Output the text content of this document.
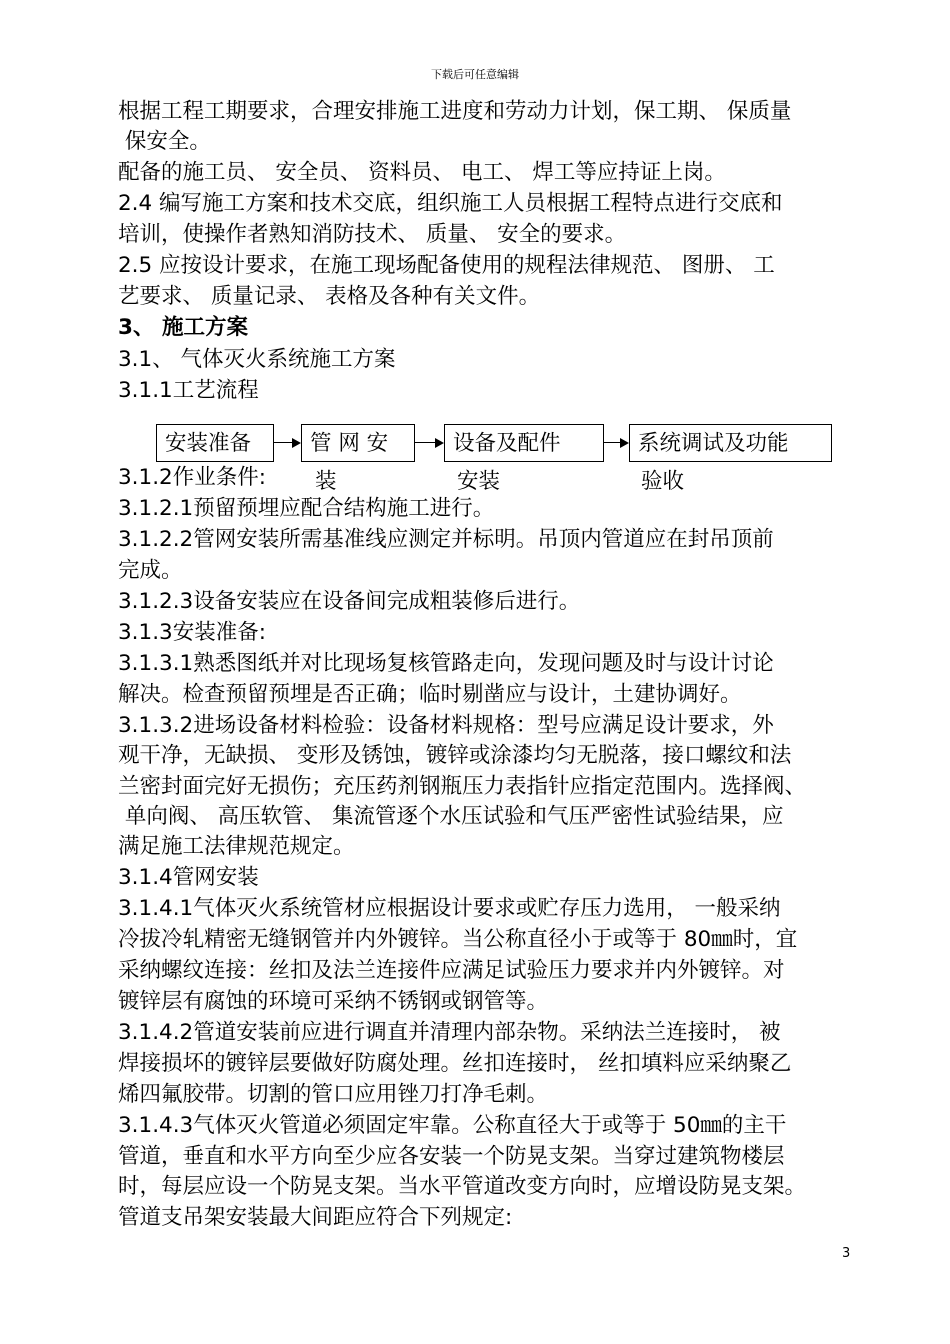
下载后可任意编辑
根据工程工期要求，合理安排施工进度和劳动力计划，保工期、 保质量
保安全。
配备的施工员、 安全员、 资料员、 电工、 焊工等应持证上岗。
2.4 编写施工方案和技术交底，组织施工人员根据工程特点进行交底和
培训，使操作者熟知消防技术、 质量、 安全的要求。
2.5 应按设计要求，在施工现场配备使用的规程法律规范、 图册、 工
艺要求、 质量记录、 表格及各种有关文件。
3、 施工方案
3.1、 气体灭火系统施工方案
3.1.1工艺流程
安装准备	管 网 安	设备及配件	系统调试及功能
装	安装	验收
3.1.2作业条件:
3.1.2.1预留预埋应配合结构施工进行。
3.1.2.2管网安装所需基准线应测定并标明。吊顶内管道应在封吊顶前
完成。
3.1.2.3设备安装应在设备间完成粗装修后进行。
3.1.3安装准备:
3.1.3.1熟悉图纸并对比现场复核管路走向，发现问题及时与设计讨论
解决。检查预留预埋是否正确；临时剔凿应与设计，土建协调好。
3.1.3.2进场设备材料检验：设备材料规格：型号应满足设计要求，外
观干净，无缺损、 变形及锈蚀，镀锌或涂漆均匀无脱落，接口螺纹和法
兰密封面完好无损伤；充压药剂钢瓶压力表指针应指定范围内。选择阀、
单向阀、 高压软管、 集流管逐个水压试验和气压严密性试验结果，应
满足施工法律规范规定。
3.1.4管网安装
3.1.4.1气体灭火系统管材应根据设计要求或贮存压力选用， 一般采纳
冷拔冷轧精密无缝钢管并内外镀锌。当公称直径小于或等于 80㎜时，宜
采纳螺纹连接：丝扣及法兰连接件应满足试验压力要求并内外镀锌。对
镀锌层有腐蚀的环境可采纳不锈钢或钢管等。
3.1.4.2管道安装前应进行调直并清理内部杂物。采纳法兰连接时， 被
焊接损坏的镀锌层要做好防腐处理。丝扣连接时， 丝扣填料应采纳聚乙
烯四氟胶带。切割的管口应用锉刀打净毛刺。
3.1.4.3气体灭火管道必须固定牢靠。公称直径大于或等于 50㎜的主干
管道，垂直和水平方向至少应各安装一个防晃支架。当穿过建筑物楼层
时，每层应设一个防晃支架。当水平管道改变方向时，应增设防晃支架。
管道支吊架安装最大间距应符合下列规定:
3
